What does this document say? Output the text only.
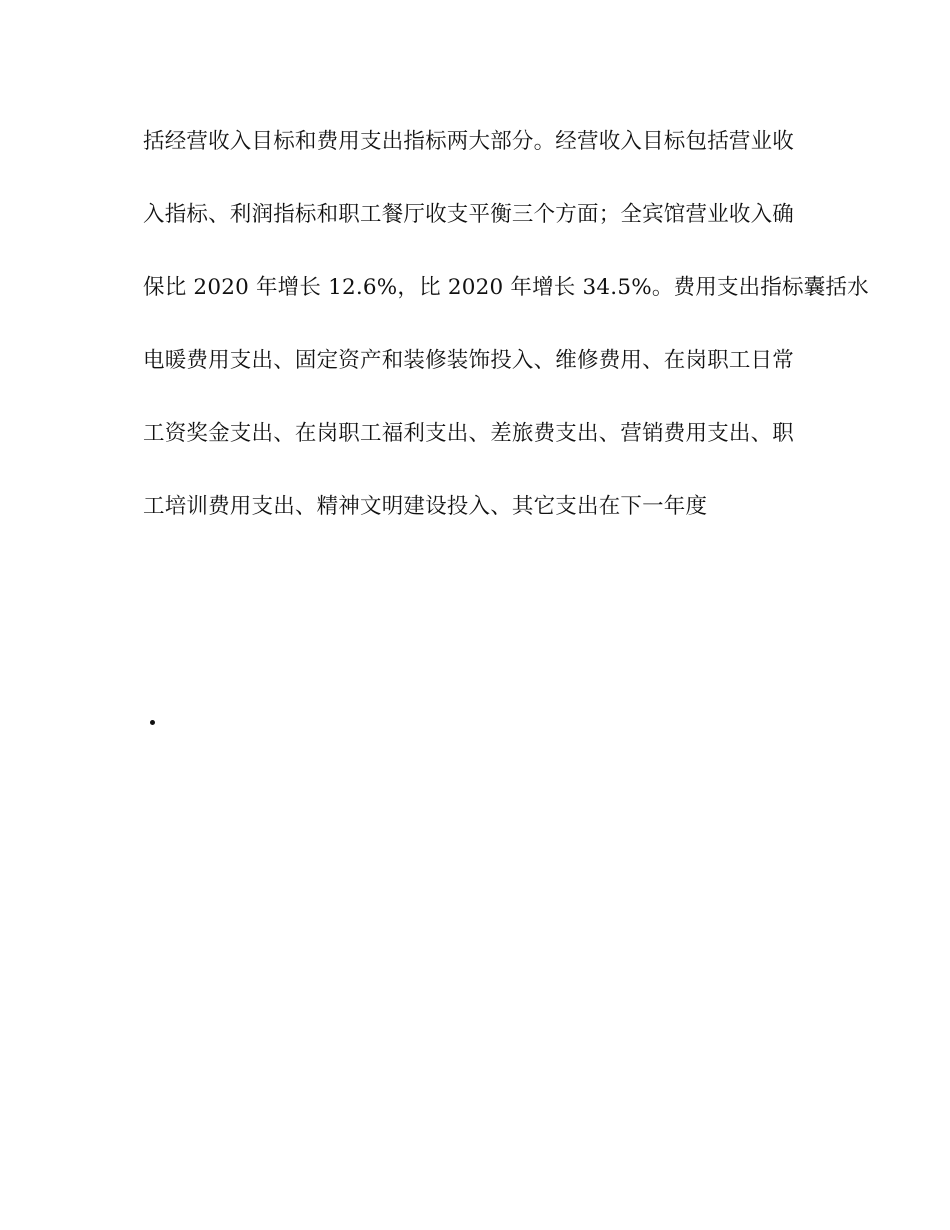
括经营收入目标和费用支出指标两大部分。经营收入目标包括营业收
入指标、利润指标和职工餐厅收支平衡三个方面；全宾馆营业收入确
保比 2020 年增长 12.6%，比 2020 年增长 34.5%。费用支出指标囊括水
电暖费用支出、固定资产和装修装饰投入、维修费用、在岗职工日常
工资奖金支出、在岗职工福利支出、差旅费支出、营销费用支出、职
工培训费用支出、精神文明建设投入、其它支出在下一年度
